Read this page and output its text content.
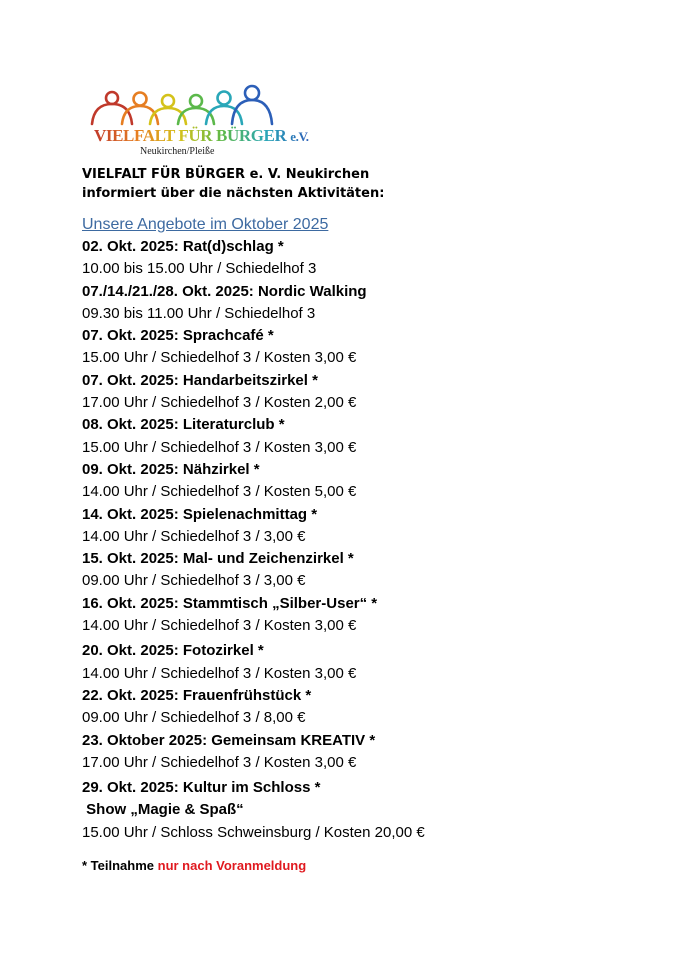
VIELFALT FÜR BÜRGER e.V.
Neukirchen/Pleiße
VIELFALT FÜR BÜRGER e. V. Neukirchen
informiert über die nächsten Aktivitäten:
Unsere Angebote im Oktober 2025
02. Okt. 2025: Rat(d)schlag *
10.00 bis 15.00 Uhr / Schiedelhof 3
07./14./21./28. Okt. 2025: Nordic Walking
09.30 bis 11.00 Uhr / Schiedelhof 3
07. Okt. 2025: Sprachcafé *
15.00 Uhr / Schiedelhof 3 / Kosten 3,00 €
07. Okt. 2025: Handarbeitszirkel *
17.00 Uhr / Schiedelhof 3 / Kosten 2,00 €
08. Okt. 2025: Literaturclub *
15.00 Uhr / Schiedelhof 3 / Kosten 3,00 €
09. Okt. 2025: Nähzirkel *
14.00 Uhr / Schiedelhof 3 / Kosten 5,00 €
14. Okt. 2025: Spielenachmittag *
14.00 Uhr / Schiedelhof 3 / 3,00 €
15. Okt. 2025: Mal- und Zeichenzirkel *
09.00 Uhr / Schiedelhof 3 / 3,00 €
16. Okt. 2025: Stammtisch „Silber-User“ *
14.00 Uhr / Schiedelhof 3 / Kosten 3,00 €
20. Okt. 2025: Fotozirkel *
14.00 Uhr / Schiedelhof 3 / Kosten 3,00 €
22. Okt. 2025: Frauenfrühstück *
09.00 Uhr / Schiedelhof 3 / 8,00 €
23. Oktober 2025: Gemeinsam KREATIV *
17.00 Uhr / Schiedelhof 3 / Kosten 3,00 €
29. Okt. 2025: Kultur im Schloss *
Show „Magie & Spaß“
15.00 Uhr / Schloss Schweinsburg / Kosten 20,00 €
* Teilnahme nur nach Voranmeldung
